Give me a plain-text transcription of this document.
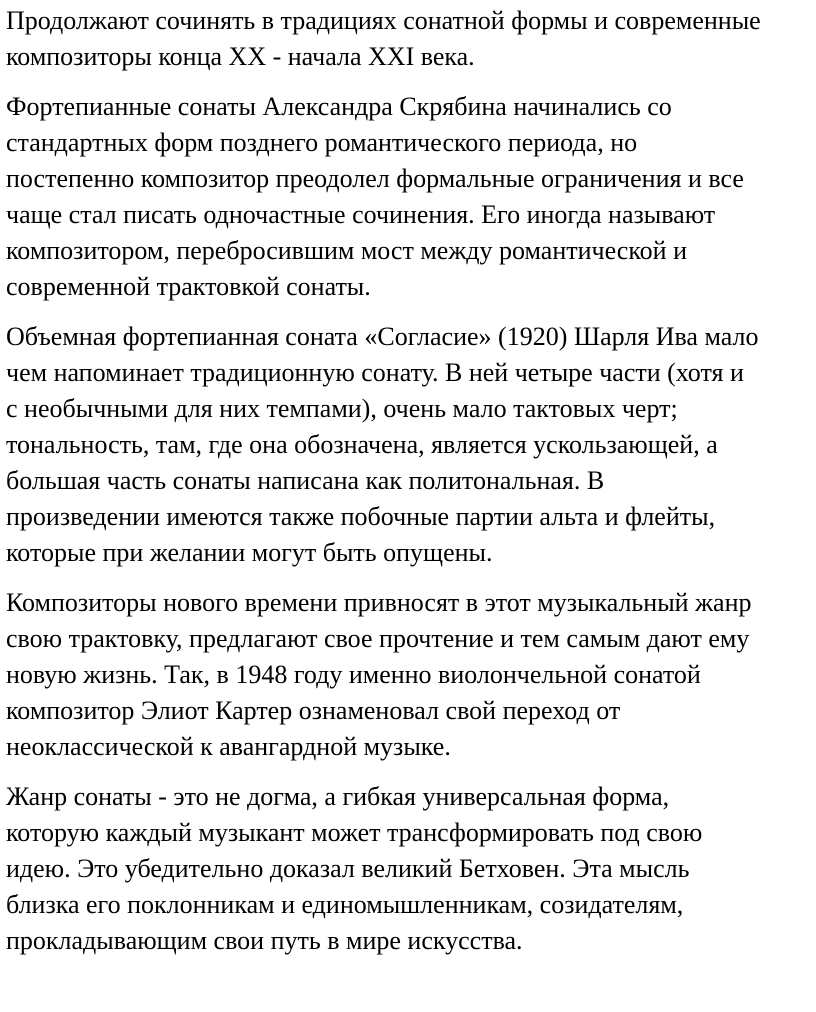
Продолжают сочинять в традициях сонатной формы и современные
композиторы конца XX - начала XXI века.

Фортепианные сонаты Александра Скрябина начинались со
стандартных форм позднего романтического периода, но
постепенно композитор преодолел формальные ограничения и все
чаще стал писать одночастные сочинения. Его иногда называют
композитором, перебросившим мост между романтической и
современной трактовкой сонаты.

Объемная фортепианная соната «Согласие» (1920) Шарля Ива мало
чем напоминает традиционную сонату. В ней четыре части (хотя и
с необычными для них темпами), очень мало тактовых черт;
тональность, там, где она обозначена, является ускользающей, а
большая часть сонаты написана как политональная. В
произведении имеются также побочные партии альта и флейты,
которые при желании могут быть опущены.

Композиторы нового времени привносят в этот музыкальный жанр
свою трактовку, предлагают свое прочтение и тем самым дают ему
новую жизнь. Так, в 1948 году именно виолончельной сонатой
композитор Элиот Картер ознаменовал свой переход от
неоклассической к авангардной музыке.

Жанр сонаты - это не догма, а гибкая универсальная форма,
которую каждый музыкант может трансформировать под свою
идею. Это убедительно доказал великий Бетховен. Эта мысль
близка его поклонникам и единомышленникам, созидателям,
прокладывающим свои путь в мире искусства.
